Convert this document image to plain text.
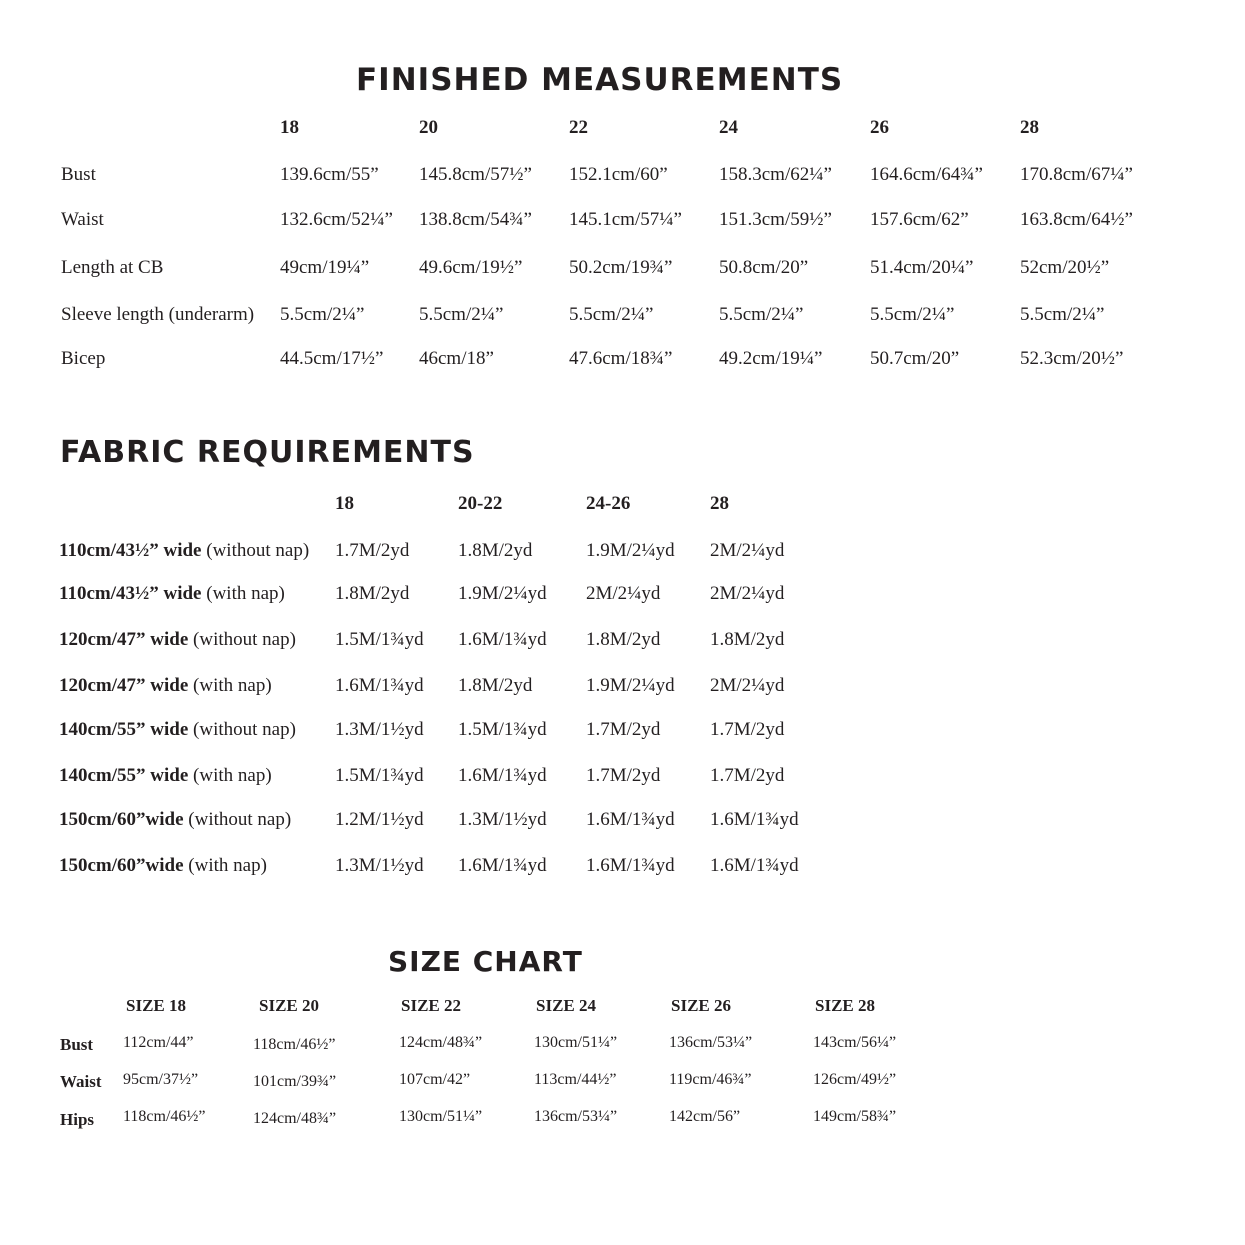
FINISHED MEASUREMENTS
18	20	22	24	26	28
Bust	139.6cm/55” 145.8cm/57½” 152.1cm/60”	158.3cm/62¼” 164.6cm/64¾” 170.8cm/67¼”
Waist	132.6cm/52¼” 138.8cm/54¾” 145.1cm/57¼” 151.3cm/59½” 157.6cm/62”	163.8cm/64½”
Length at CB	49cm/19¼”	49.6cm/19½” 50.2cm/19¾” 50.8cm/20”	51.4cm/20¼” 52cm/20½”
Sleeve length (underarm) 5.5cm/2¼”	5.5cm/2¼”	5.5cm/2¼”	5.5cm/2¼”	5.5cm/2¼”	5.5cm/2¼”
Bicep	44.5cm/17½” 46cm/18”	47.6cm/18¾” 49.2cm/19¼”	50.7cm/20”	52.3cm/20½”
FABRIC REQUIREMENTS
18	20-22	24-26	28
110cm/43½” wide (without nap) 1.7M/2yd	1.8M/2yd	1.9M/2¼yd 2M/2¼yd
110cm/43½” wide (with nap)	1.8M/2yd	1.9M/2¼yd 2M/2¼yd	2M/2¼yd
120cm/47” wide (without nap) 1.5M/1¾yd 1.6M/1¾yd 1.8M/2yd	1.8M/2yd
120cm/47” wide (with nap)	1.6M/1¾yd 1.8M/2yd	1.9M/2¼yd 2M/2¼yd
140cm/55” wide (without nap) 1.3M/1½yd 1.5M/1¾yd 1.7M/2yd	1.7M/2yd
140cm/55” wide (with nap)	1.5M/1¾yd 1.6M/1¾yd 1.7M/2yd	1.7M/2yd
150cm/60”wide (without nap) 1.2M/1½yd 1.3M/1½yd 1.6M/1¾yd 1.6M/1¾yd
150cm/60”wide (with nap)	1.3M/1½yd 1.6M/1¾yd 1.6M/1¾yd 1.6M/1¾yd
SIZE CHART
SIZE 18	SIZE 20	SIZE 22	SIZE 24	SIZE 26	SIZE 28
Bust 112cm/44”	118cm/46½”	124cm/48¾”	130cm/51¼”	136cm/53¼”	143cm/56¼”
Waist 95cm/37½”	101cm/39¾”	107cm/42”	113cm/44½”	119cm/46¾”	126cm/49½”
Hips 118cm/46½”	124cm/48¾”	130cm/51¼”	136cm/53¼”	142cm/56”	149cm/58¾”
